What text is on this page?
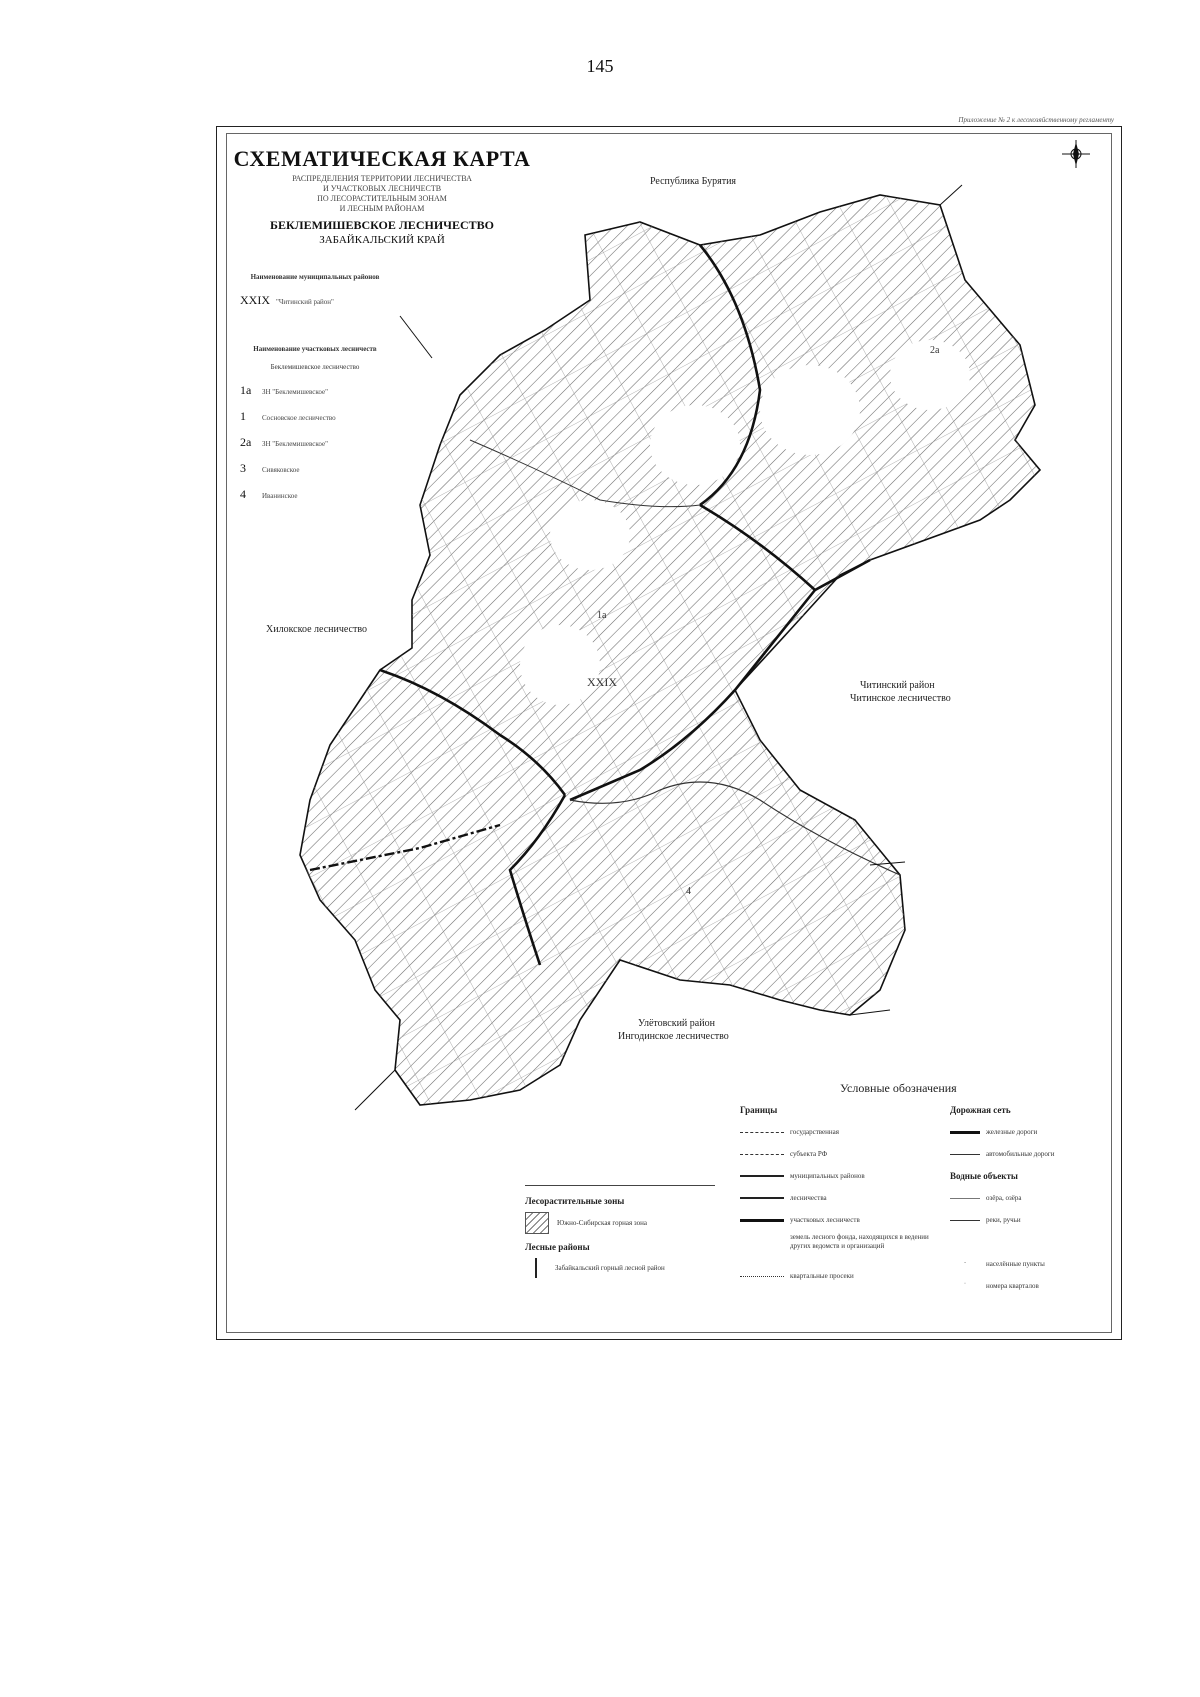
145
Приложение № 2 к лесохозяйственному регламенту
СХЕМАТИЧЕСКАЯ КАРТА
РАСПРЕДЕЛЕНИЯ ТЕРРИТОРИИ ЛЕСНИЧЕСТВА
И УЧАСТКОВЫХ ЛЕСНИЧЕСТВ
ПО ЛЕСОРАСТИТЕЛЬНЫМ ЗОНАМ
И ЛЕСНЫМ РАЙОНАМ
БЕКЛЕМИШЕВСКОЕ ЛЕСНИЧЕСТВО
ЗАБАЙКАЛЬСКИЙ КРАЙ
Наименование муниципальных районов
XXIX "Читинский район"
Наименование участковых лесничеств
Беклемишевское лесничество
1а	ЗН "Беклемишевское"
1	Сосновское лесничество
2а	ЗН "Беклемишевское"
3	Сивяковское
4	Иванинское
Республика Бурятия
Хилокское лесничество
Читинский район
Читинское лесничество
Улётовский район
Ингодинское лесничество
1а
2а
4
XXIX
Условные обозначения
Границы
государственная
субъекта РФ
муниципальных районов
лесничества
участковых лесничеств
земель лесного фонда, находящихся в ведении других ведомств и организаций
квартальные просеки
Дорожная сеть
железные дороги
автомобильные дороги
Водные объекты
озёра, озёра
реки, ручьи
·	населённые пункты
·	номера кварталов
Лесорастительные зоны
Южно-Сибирская горная зона
Лесные районы
Забайкальский горный лесной район
